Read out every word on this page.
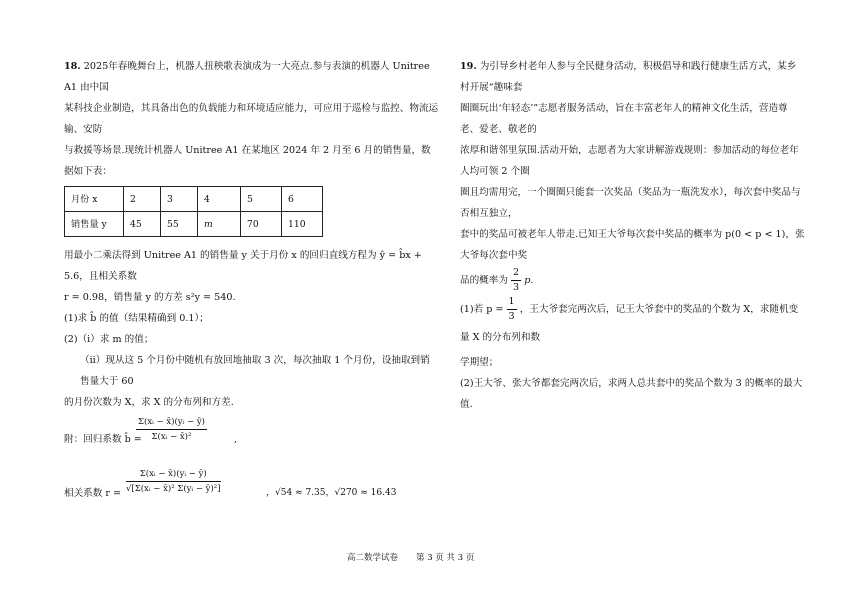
18. 2025年春晚舞台上，机器人扭秧歌表演成为一大亮点.参与表演的机器人 Unitree A1 由中国

某科技企业制造，其具备出色的负载能力和环境适应能力，可应用于巡检与监控、物流运输、安防

与救援等场景.现统计机器人 Unitree A1 在某地区 2024 年 2 月至 6 月的销售量，数据如下表：

月份 x	2	3	4	5	6
销售量 y	45	55	m	70	110

用最小二乘法得到 Unitree A1 的销售量 y 关于月份 x 的回归直线方程为 ŷ = b̂x + 5.6，且相关系数

r = 0.98，销售量 y 的方差 s²y = 540.

(1)求 b̂ 的值（结果精确到 0.1）；

(2)（i）求 m 的值；

（ii）现从这 5 个月份中随机有放回地抽取 3 次，每次抽取 1 个月份，设抽取到销售量大于 60

的月份次数为 X，求 X 的分布列和方差.

附：回归系数 b̂ =
$\frac{\text{Σ(xᵢ − x̄)(yᵢ − ȳ)}}{\text{Σ(xᵢ − x̄)²}}$	,
相关系数 $r = \frac{\text{Σ(xᵢ − x̄)(yᵢ − ȳ)}}{\text{√[Σ(xᵢ − x̄)² Σ(yᵢ − ȳ)²]}}$	，√54 ≈ 7.35，√270 ≈ 16.43

19. 为引导乡村老年人参与全民健身活动，积极倡导和践行健康生活方式，某乡村开展“趣味套

圈圈玩出‘年轻态’”志愿者服务活动，旨在丰富老年人的精神文化生活，营造尊老、爱老、敬老的

浓厚和谐邻里氛围.活动开始，志愿者为大家讲解游戏规则：参加活动的每位老年人均可领 2 个圈

圈且均需用完，一个圈圈只能套一次奖品（奖品为一瓶洗发水），每次套中奖品与否相互独立，

套中的奖品可被老年人带走.已知王大爷每次套中奖品的概率为 p(0 < p < 1)，张大爷每次套中奖

品的概率为 $\frac{2}{3} p$.

(1)若 $p = \frac{1}{3}$ ，王大爷套完两次后，记王大爷套中的奖品的个数为 X，求随机变量 X 的分布列和数

学期望；

(2)王大爷、张大爷都套完两次后，求两人总共套中的奖品个数为 3 的概率的最大值.

高二数学试卷 第 3 页 共 3 页
